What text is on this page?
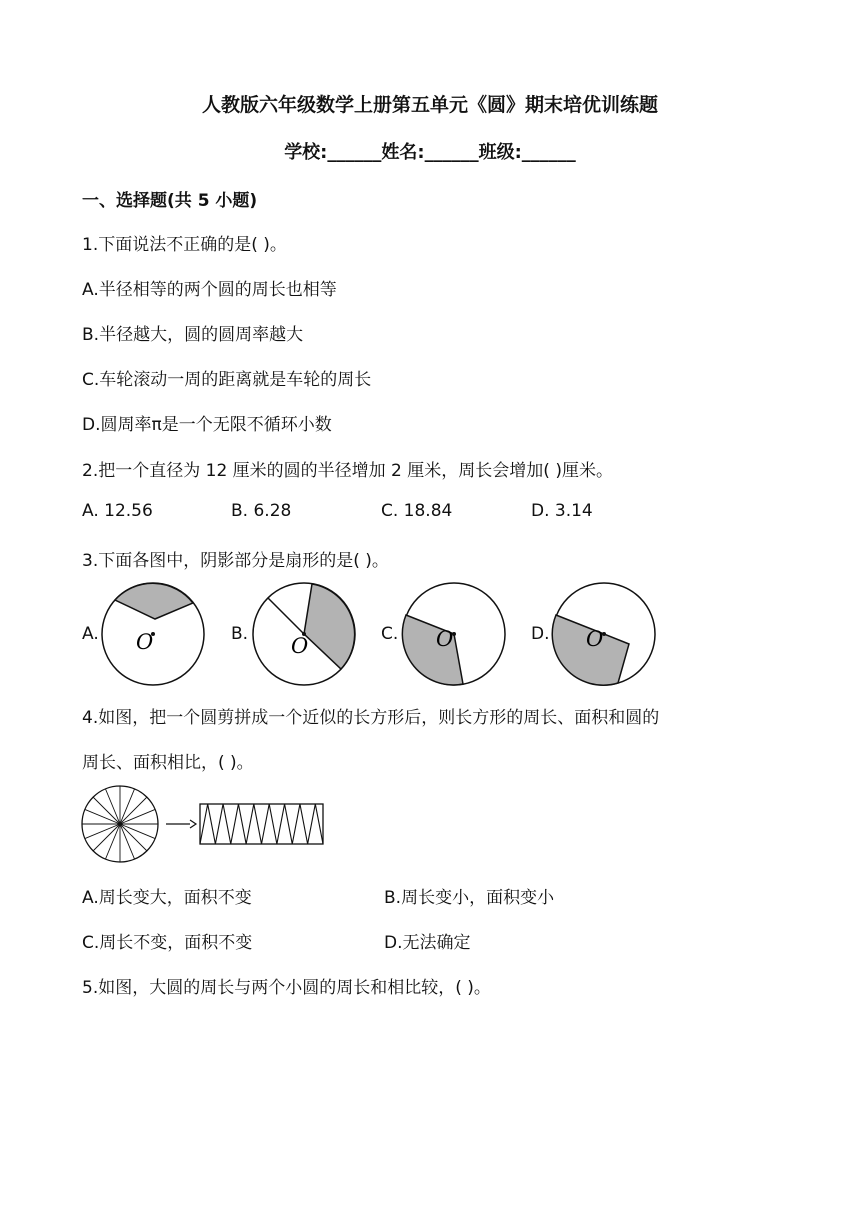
人教版六年级数学上册第五单元《圆》期末培优训练题
学校:______姓名:______班级:______
一、选择题(共 5 小题)
1.下面说法不正确的是( )。
A.半径相等的两个圆的周长也相等
B.半径越大，圆的圆周率越大
C.车轮滚动一周的距离就是车轮的周长
D.圆周率π是一个无限不循环小数
2.把一个直径为 12 厘米的圆的半径增加 2 厘米，周长会增加( )厘米。
A. 12.56	B. 6.28	C. 18.84	D. 3.14
3.下面各图中，阴影部分是扇形的是( )。
A. O	B. O	C. O	D. O
4.如图，把一个圆剪拼成一个近似的长方形后，则长方形的周长、面积和圆的
周长、面积相比，( )。
A.周长变大，面积不变	B.周长变小，面积变小
C.周长不变，面积不变	D.无法确定
5.如图，大圆的周长与两个小圆的周长和相比较，( )。
